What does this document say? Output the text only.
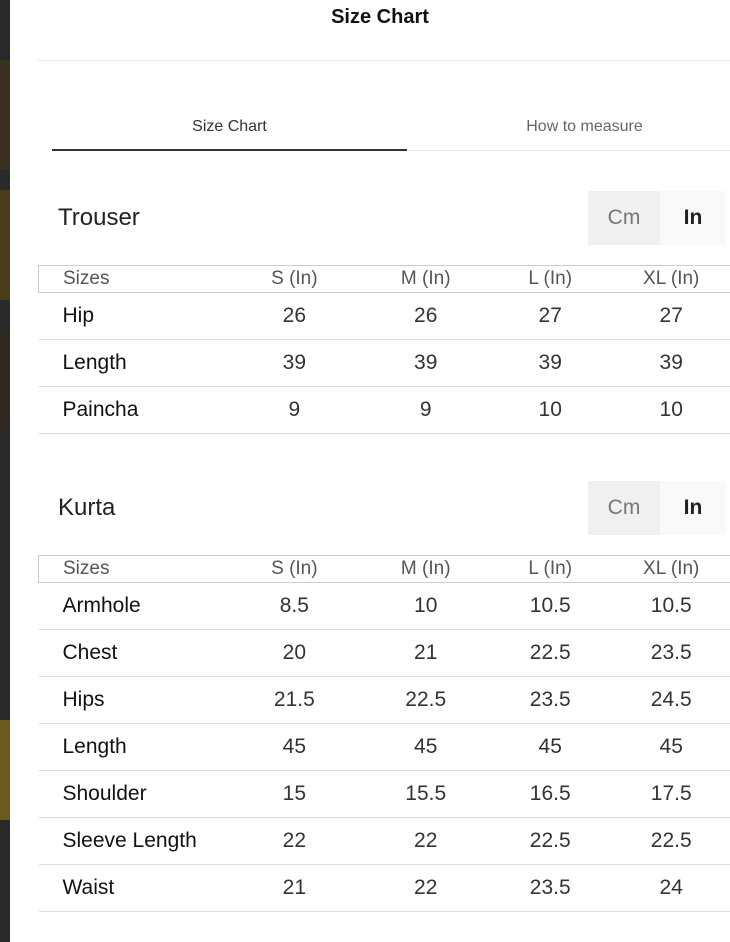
Size Chart
Size Chart	How to measure
Trouser	Cm	In
Sizes	S (In)	M (In)	L (In)	XL (In)
Hip	26	26	27	27
Length	39	39	39	39
Paincha	9	9	10	10
Kurta	Cm	In
Sizes	S (In)	M (In)	L (In)	XL (In)
Armhole	8.5	10	10.5	10.5
Chest	20	21	22.5	23.5
Hips	21.5	22.5	23.5	24.5
Length	45	45	45	45
Shoulder	15	15.5	16.5	17.5
Sleeve Length	22	22	22.5	22.5
Waist	21	22	23.5	24
